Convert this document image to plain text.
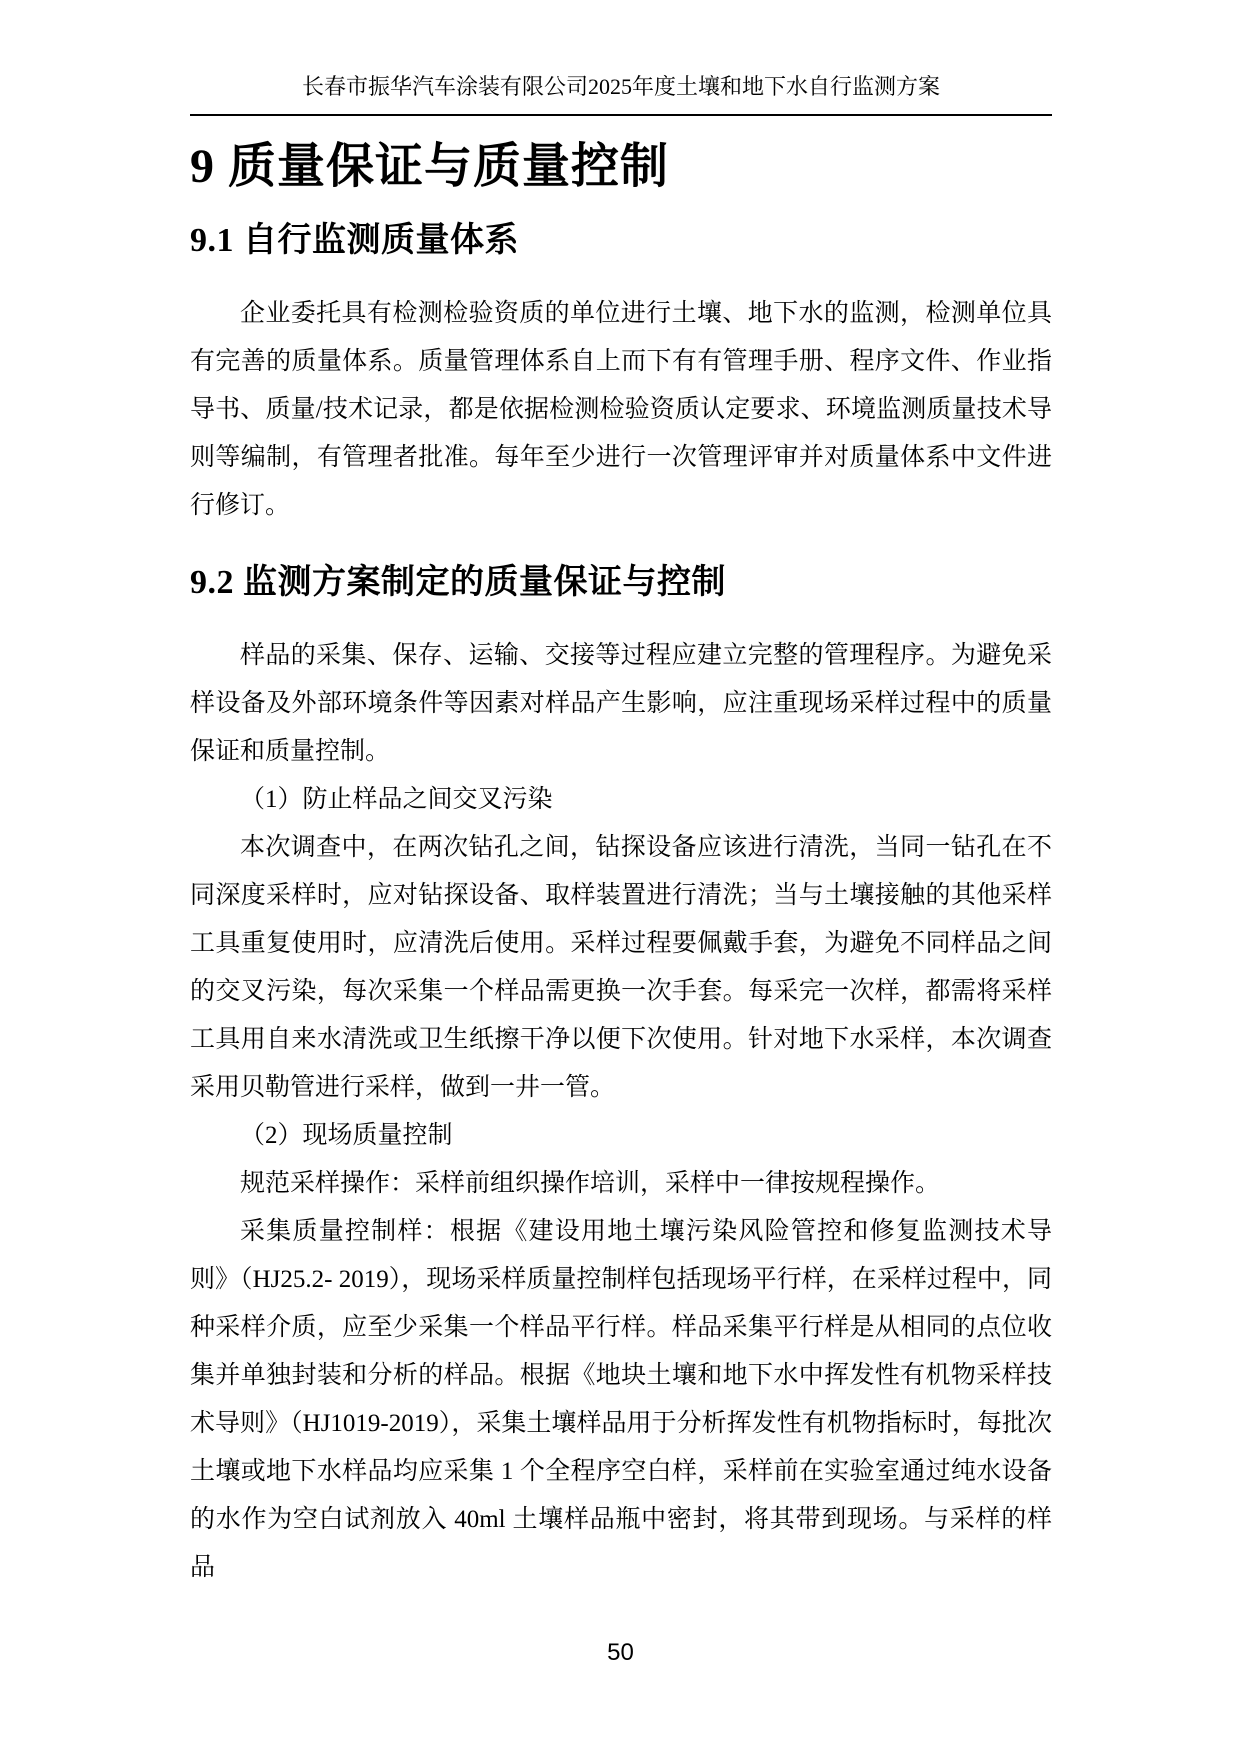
长春市振华汽车涂装有限公司2025年度土壤和地下水自行监测方案
9 质量保证与质量控制
9.1 自行监测质量体系

企业委托具有检测检验资质的单位进行土壤、地下水的监测，检测单位具有完善的质量体系。质量管理体系自上而下有有管理手册、程序文件、作业指导书、质量/技术记录，都是依据检测检验资质认定要求、环境监测质量技术导则等编制，有管理者批准。每年至少进行一次管理评审并对质量体系中文件进行修订。

9.2 监测方案制定的质量保证与控制

样品的采集、保存、运输、交接等过程应建立完整的管理程序。为避免采样设备及外部环境条件等因素对样品产生影响，应注重现场采样过程中的质量保证和质量控制。

（1）防止样品之间交叉污染

本次调查中，在两次钻孔之间，钻探设备应该进行清洗，当同一钻孔在不同深度采样时，应对钻探设备、取样装置进行清洗；当与土壤接触的其他采样工具重复使用时，应清洗后使用。采样过程要佩戴手套，为避免不同样品之间的交叉污染，每次采集一个样品需更换一次手套。每采完一次样，都需将采样工具用自来水清洗或卫生纸擦干净以便下次使用。针对地下水采样，本次调查采用贝勒管进行采样，做到一井一管。

（2）现场质量控制

规范采样操作：采样前组织操作培训，采样中一律按规程操作。

采集质量控制样：根据《建设用地土壤污染风险管控和修复监测技术导则》（HJ25.2- 2019），现场采样质量控制样包括现场平行样，在采样过程中，同种采样介质，应至少采集一个样品平行样。样品采集平行样是从相同的点位收集并单独封装和分析的样品。根据《地块土壤和地下水中挥发性有机物采样技术导则》（HJ1019-2019），采集土壤样品用于分析挥发性有机物指标时，每批次土壤或地下水样品均应采集 1 个全程序空白样，采样前在实验室通过纯水设备的水作为空白试剂放入 40ml 土壤样品瓶中密封，将其带到现场。与采样的样品

50
